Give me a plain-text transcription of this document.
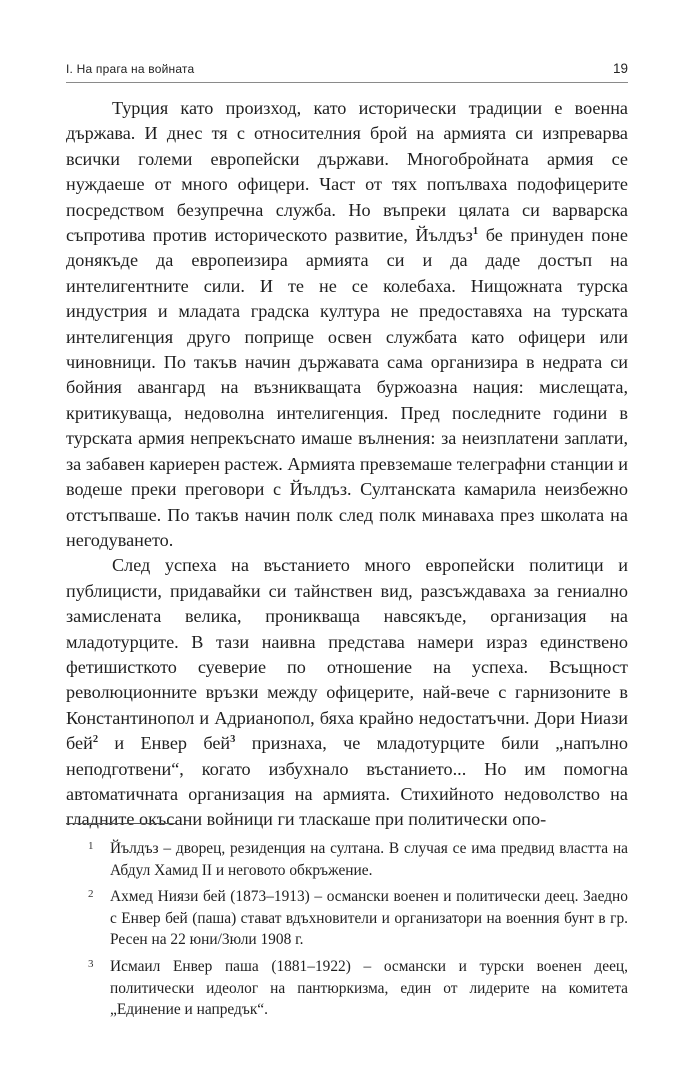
I. На прага на войната	19

Турция като произход, като исторически традиции е военна държава. И днес тя с относителния брой на армията си изпреварва всички големи европейски държави. Многобройната армия се нуждаеше от много офицери. Част от тях попълваха подофицерите посредством безупречна служба. Но въпреки цялата си варварска съпротива против историческото развитие, Йълдъз$^1$ бе принуден поне донякъде да европеизира армията си и да даде достъп на интелигентните сили. И те не се колебаха. Нищожната турска индустрия и младата градска култура не предоставяха на турската интелигенция друго поприще освен службата като офицери или чиновници. По такъв начин държавата сама организира в недрата си бойния авангард на възникващата буржоазна нация: мислещата, критикуваща, недоволна интелигенция. Пред последните години в турската армия непрекъснато имаше вълнения: за неизплатени заплати, за забавен кариерен растеж. Армията превземаше телеграфни станции и водеше преки преговори с Йълдъз. Султанската камарила неизбежно отстъпваше. По такъв начин полк след полк минаваха през школата на негодуването.

След успеха на въстанието много европейски политици и публицисти, придавайки си тайнствен вид, разсъждаваха за гениално замислената велика, проникваща навсякъде, организация на младотурците. В тази наивна представа намери израз единствено фетишисткото суеверие по отношение на успеха. Всъщност революционните връзки между офицерите, най-вече с гарнизоните в Константинопол и Адрианопол, бяха крайно недостатъчни. Дори Ниази бей$^2$ и Енвер бей$^3$ признаха, че младотурците били „напълно неподготвени“, когато избухнало въстанието... Но им помогна автоматичната организация на армията. Стихийното недоволство на гладните окъсани войници ги тласкаше при политически опо-

1 Йълдъз – дворец, резиденция на султана. В случая се има предвид властта на Абдул Хамид II и неговото обкръжение.
2 Ахмед Ниязи бей (1873–1913) – османски военен и политически деец. Заедно с Енвер бей (паша) стават вдъхновители и организатори на военния бунт в гр. Ресен на 22 юни/3юли 1908 г.
3 Исмаил Енвер паша (1881–1922) – османски и турски военен деец, политически идеолог на пантюркизма, един от лидерите на комитета „Единение и напредък“.
